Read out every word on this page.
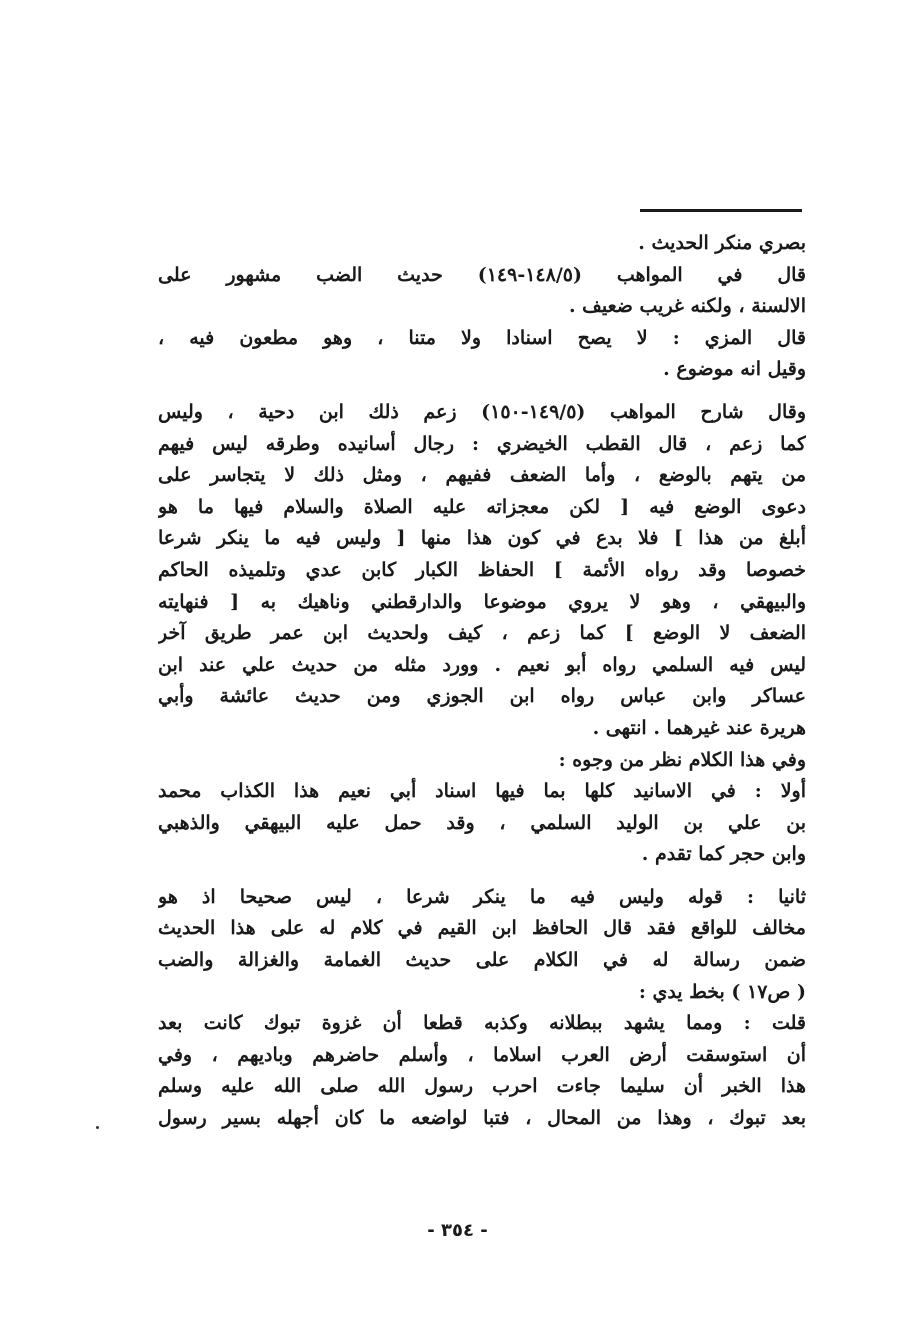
بصري منكر الحديث .
قال في المواهب (١٤٨/٥-١٤٩) حديث الضب مشهور على
الالسنة ، ولكنه غريب ضعيف .
قال المزي : لا يصح اسنادا ولا متنا ، وهو مطعون فيه ،
وقيل انه موضوع .
وقال شارح المواهب (١٤٩/٥-١٥٠) زعم ذلك ابن دحية ، وليس
كما زعم ، قال القطب الخيضري : رجال أسانيده وطرقه ليس فيهم
من يتهم بالوضع ، وأما الضعف ففيهم ، ومثل ذلك لا يتجاسر على
دعوى الوضع فيه [ لكن معجزاته عليه الصلاة والسلام فيها ما هو
أبلغ من هذا ] فلا بدع في كون هذا منها [ وليس فيه ما ينكر شرعا
خصوصا وقد رواه الأئمة ] الحفاظ الكبار كابن عدي وتلميذه الحاكم
والبيهقي ، وهو لا يروي موضوعا والدارقطني وناهيك به [ فنهايته
الضعف لا الوضع ] كما زعم ، كيف ولحديث ابن عمر طريق آخر
ليس فيه السلمي رواه أبو نعيم . وورد مثله من حديث علي عند ابن
عساكر وابن عباس رواه ابن الجوزي ومن حديث عائشة وأبي
هريرة عند غيرهما . انتهى .
وفي هذا الكلام نظر من وجوه :
أولا : في الاسانيد كلها بما فيها اسناد أبي نعيم هذا الكذاب محمد
بن علي بن الوليد السلمي ، وقد حمل عليه البيهقي والذهبي
وابن حجر كما تقدم .
ثانيا : قوله وليس فيه ما ينكر شرعا ، ليس صحيحا اذ هو
مخالف للواقع فقد قال الحافظ ابن القيم في كلام له على هذا الحديث
ضمن رسالة له في الكلام على حديث الغمامة والغزالة والضب
( ص١٧ ) بخط يدي :
قلت : ومما يشهد ببطلانه وكذبه قطعا أن غزوة تبوك كانت بعد
أن استوسقت أرض العرب اسلاما ، وأسلم حاضرهم وباديهم ، وفي
هذا الخبر أن سليما جاءت احرب رسول الله صلى الله عليه وسلم
بعد تبوك ، وهذا من المحال ، فتبا لواضعه ما كان أجهله بسير رسول
- ٣٥٤ -
